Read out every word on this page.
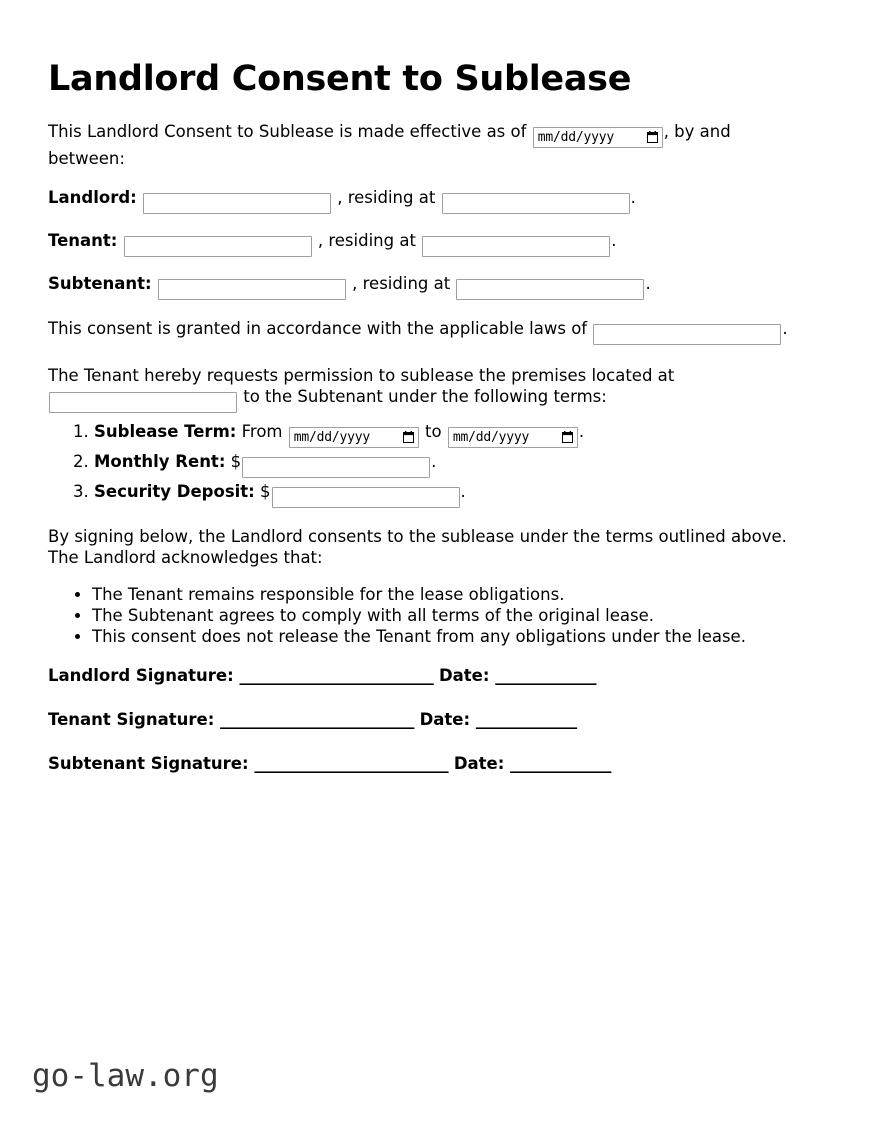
Landlord Consent to Sublease

This Landlord Consent to Sublease is made effective as of mm/dd/yyyy	, by and between:

Landlord:	, residing at	.
Tenant:	, residing at	.
Subtenant:	, residing at	.

This consent is granted in accordance with the applicable laws of	.

The Tenant hereby requests permission to sublease the premises located at  to the Subtenant under the following terms:

1. Sublease Term: From mm/dd/yyyy	to mm/dd/yyyy	.
2. Monthly Rent: $	.
3. Security Deposit: $	.

By signing below, the Landlord consents to the sublease under the terms outlined above. The Landlord acknowledges that:

• The Tenant remains responsible for the lease obligations.
• The Subtenant agrees to comply with all terms of the original lease.
• This consent does not release the Tenant from any obligations under the lease.
Landlord Signature: _________________________ Date: _____________
Tenant Signature: _________________________ Date: _____________
Subtenant Signature: _________________________ Date: _____________
go-law.org
